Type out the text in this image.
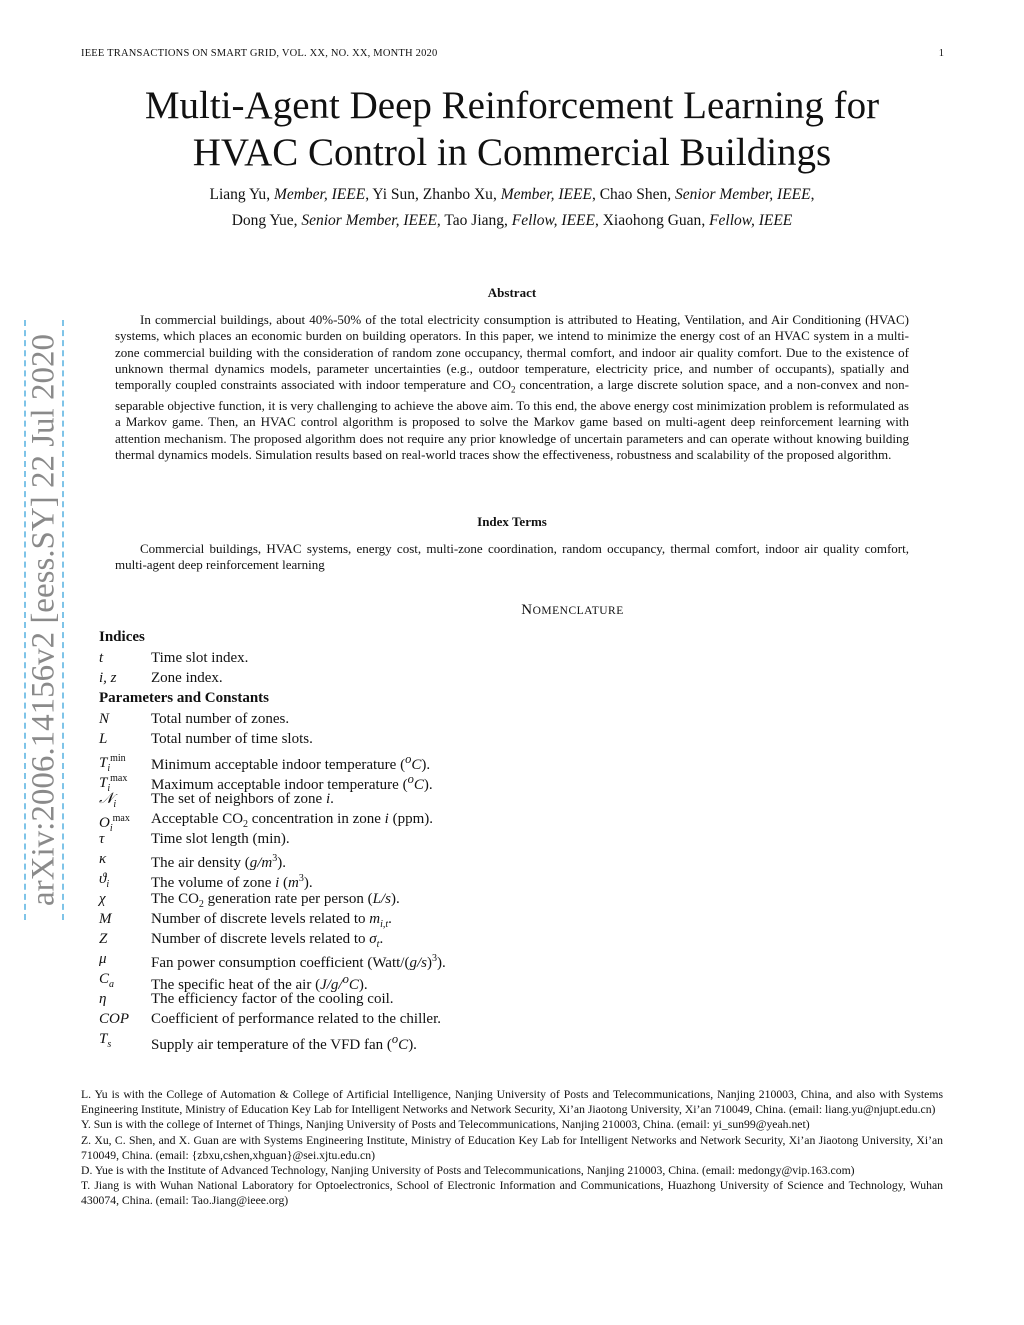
IEEE TRANSACTIONS ON SMART GRID, VOL. XX, NO. XX, MONTH 2020	1
Multi-Agent Deep Reinforcement Learning for
HVAC Control in Commercial Buildings
Liang Yu, Member, IEEE, Yi Sun, Zhanbo Xu, Member, IEEE, Chao Shen, Senior Member, IEEE,
Dong Yue, Senior Member, IEEE, Tao Jiang, Fellow, IEEE, Xiaohong Guan, Fellow, IEEE
Abstract
In commercial buildings, about 40%-50% of the total electricity consumption is attributed to Heating, Ventilation, and Air Conditioning (HVAC) systems, which places an economic burden on building operators. In this paper, we intend to minimize the energy cost of an HVAC system in a multi-zone commercial building with the consideration of random zone occupancy, thermal comfort, and indoor air quality comfort. Due to the existence of unknown thermal dynamics models, parameter uncertainties (e.g., outdoor temperature, electricity price, and number of occupants), spatially and temporally coupled constraints associated with indoor temperature and $CO_2$ concentration, a large discrete solution space, and a non-convex and non-separable objective function, it is very challenging to achieve the above aim. To this end, the above energy cost minimization problem is reformulated as a Markov game. Then, an HVAC control algorithm is proposed to solve the Markov game based on multi-agent deep reinforcement learning with attention mechanism. The proposed algorithm does not require any prior knowledge of uncertain parameters and can operate without knowing building thermal dynamics models. Simulation results based on real-world traces show the effectiveness, robustness and scalability of the proposed algorithm.
Index Terms
Commercial buildings, HVAC systems, energy cost, multi-zone coordination, random occupancy, thermal comfort, indoor air quality comfort, multi-agent deep reinforcement learning
NOMENCLATURE
Indices
t	Time slot index.
i, z	Zone index.
Parameters and Constants
N	Total number of zones.
L	Total number of time slots.
$T_i^{min}$	Minimum acceptable indoor temperature ($^o$C).
$T_i^{max}$	Maximum acceptable indoor temperature ($^o$C).
𝒩$_i$	The set of neighbors of zone i.
$O_i^{max}$	Acceptable $CO_2$ concentration in zone i (ppm).
τ	Time slot length (min).
κ	The air density $(g/m^3)$.
$ϑ_i$	The volume of zone i $(m^3)$.
χ	The $CO_2$ generation rate per person (L/s).
M	Number of discrete levels related to $m_{i,t}$.
Z	Number of discrete levels related to $\sigma_t$.
μ	Fan power consumption coefficient $(Watt/(g/s)^3)$.
$C_a$	The specific heat of the air (J/g/$^o$C).
η	The efficiency factor of the cooling coil.
COP	Coefficient of performance related to the chiller.
$T_s$	Supply air temperature of the VFD fan ($^o$C).

L. Yu is with the College of Automation & College of Artificial Intelligence, Nanjing University of Posts and Telecommunications, Nanjing 210003, China, and also with Systems Engineering Institute, Ministry of Education Key Lab for Intelligent Networks and Network Security, Xi’an Jiaotong University, Xi’an 710049, China. (email: liang.yu@njupt.edu.cn)

Y. Sun is with the college of Internet of Things, Nanjing University of Posts and Telecommunications, Nanjing 210003, China. (email: yi_sun99@yeah.net)

Z. Xu, C. Shen, and X. Guan are with Systems Engineering Institute, Ministry of Education Key Lab for Intelligent Networks and Network Security, Xi’an Jiaotong University, Xi’an 710049, China. (email: {zbxu,cshen,xhguan}@sei.xjtu.edu.cn)

D. Yue is with the Institute of Advanced Technology, Nanjing University of Posts and Telecommunications, Nanjing 210003, China. (email: medongy@vip.163.com)

T. Jiang is with Wuhan National Laboratory for Optoelectronics, School of Electronic Information and Communications, Huazhong University of Science and Technology, Wuhan 430074, China. (email: Tao.Jiang@ieee.org)

arXiv:2006.14156v2 [eess.SY] 22 Jul 2020
